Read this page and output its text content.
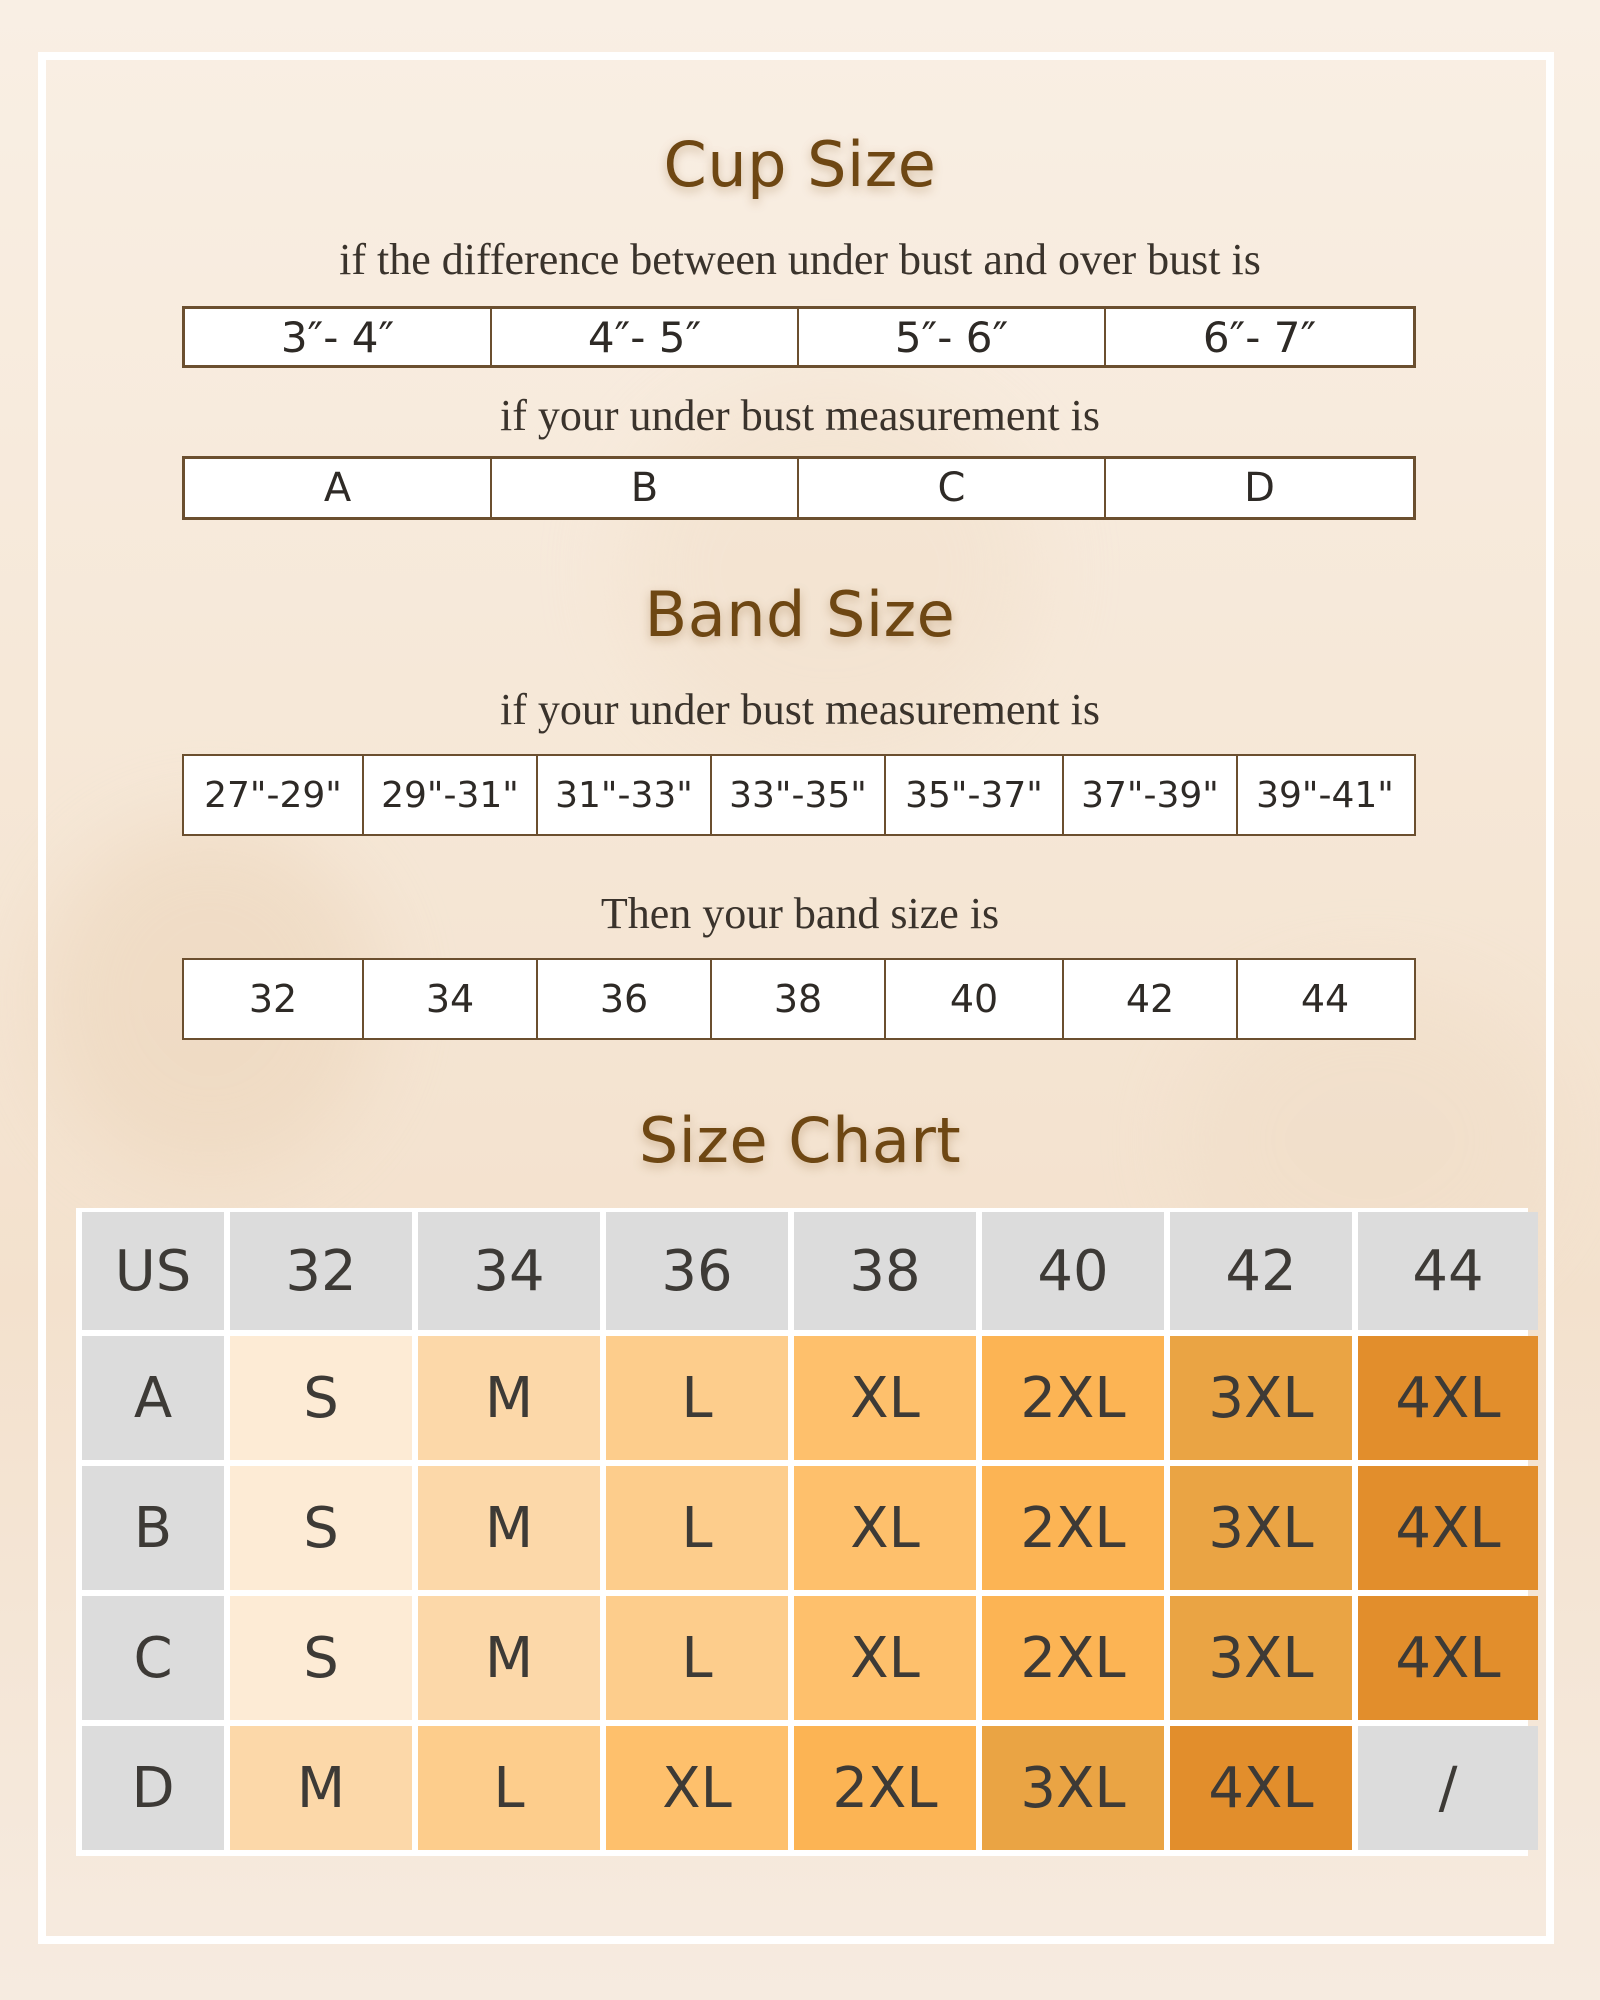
Cup Size
if the difference between under bust and over bust is
3″- 4″	4″- 5″	5″- 6″	6″- 7″
if your under bust measurement is
A	B	C	D
Band Size
if your under bust measurement is
27"-29"	29"-31"	31"-33"	33"-35"	35"-37"	37"-39"	39"-41"
Then your band size is
32	34	36	38	40	42	44
Size Chart
US	32	34	36	38	40	42	44
A	S	M	L	XL	2XL	3XL	4XL
B	S	M	L	XL	2XL	3XL	4XL
C	S	M	L	XL	2XL	3XL	4XL
D	M	L	XL	2XL	3XL	4XL	/
